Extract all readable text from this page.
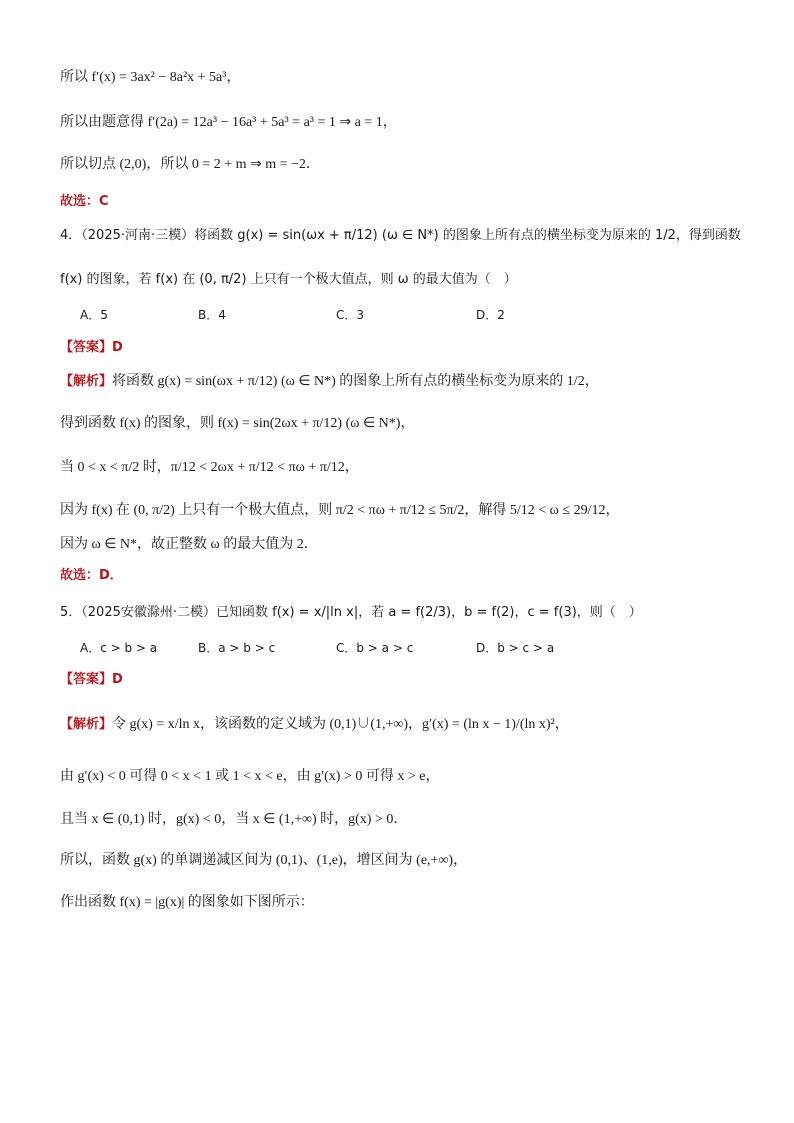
所以 f′(x) = 3ax² − 8a²x + 5a³，
所以由题意得 f′(2a) = 12a³ − 16a³ + 5a³ = a³ = 1 ⇒ a = 1，
所以切点 (2,0)，所以 0 = 2 + m ⇒ m = −2．
故选：C
4．（2025·河南·三模）将函数 g(x) = sin(ωx + π/12) (ω ∈ N*) 的图象上所有点的横坐标变为原来的 1/2，得到函数
f(x) 的图象，若 f(x) 在 (0, π/2) 上只有一个极大值点，则 ω 的最大值为（　）
A．5	B．4	C．3	D．2
【答案】D
【解析】将函数 g(x) = sin(ωx + π/12) (ω ∈ N*) 的图象上所有点的横坐标变为原来的 1/2，
得到函数 f(x) 的图象，则 f(x) = sin(2ωx + π/12) (ω ∈ N*)，
当 0 < x < π/2 时，π/12 < 2ωx + π/12 < πω + π/12，
因为 f(x) 在 (0, π/2) 上只有一个极大值点，则 π/2 < πω + π/12 ≤ 5π/2，解得 5/12 < ω ≤ 29/12，
因为 ω ∈ N*，故正整数 ω 的最大值为 2．
故选：D．
5．（2025安徽滁州·二模）已知函数 f(x) = x/|ln x|，若 a = f(2/3)，b = f(2)，c = f(3)，则（　）
A．c > b > a	B．a > b > c	C．b > a > c	D．b > c > a
【答案】D
【解析】令 g(x) = x/ln x，该函数的定义域为 (0,1)∪(1,+∞)，g′(x) = (ln x − 1)/(ln x)²，
由 g′(x) < 0 可得 0 < x < 1 或 1 < x < e，由 g′(x) > 0 可得 x > e，
且当 x ∈ (0,1) 时，g(x) < 0，当 x ∈ (1,+∞) 时，g(x) > 0．
所以，函数 g(x) 的单调递减区间为 (0,1)、(1,e)，增区间为 (e,+∞)，
作出函数 f(x) = |g(x)| 的图象如下图所示：
